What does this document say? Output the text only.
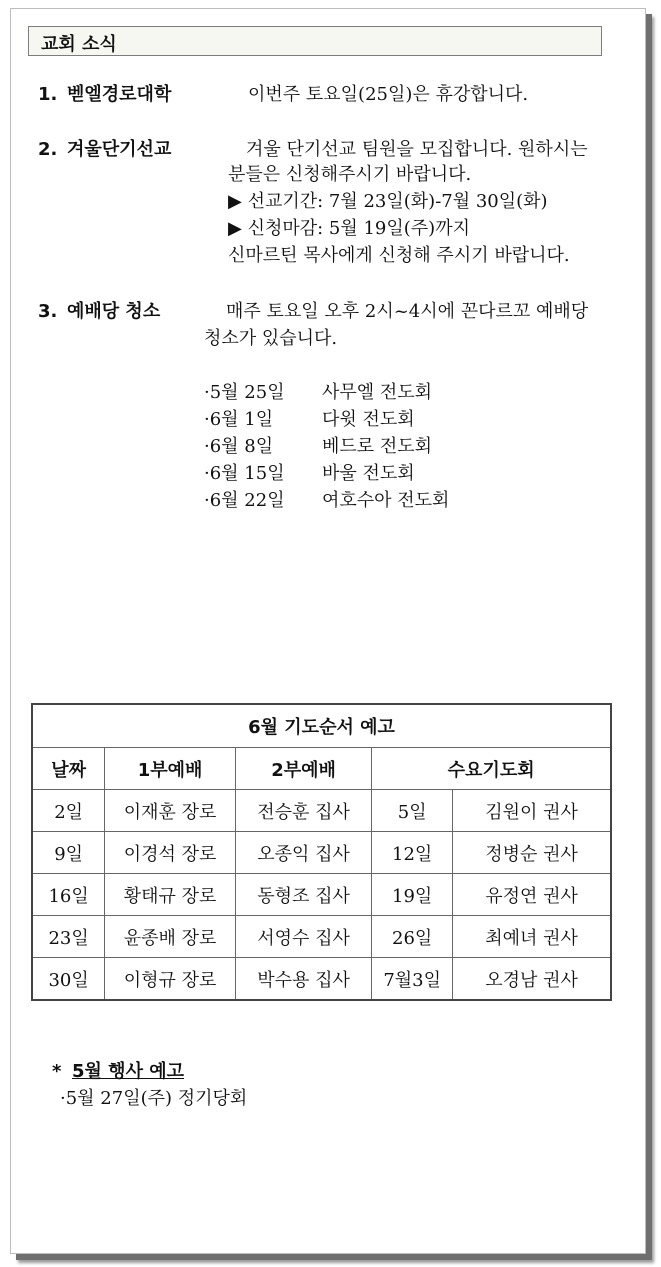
교회 소식
1. 벧엘경로대학	이번주 토요일(25일)은 휴강합니다.
2. 겨울단기선교	겨울 단기선교 팀원을 모집합니다. 원하시는
분들은 신청해주시기 바랍니다.
▶ 선교기간: 7월 23일(화)-7월 30일(화)
▶ 신청마감: 5월 19일(주)까지
신마르틴 목사에게 신청해 주시기 바랍니다.
3. 예배당 청소	매주 토요일 오후 2시~4시에 꼰다르꼬 예배당
청소가 있습니다.
·5월 25일 사무엘 전도회
·6월 1일	다윗 전도회
·6월 8일	베드로 전도회
·6월 15일 바울 전도회
·6월 22일 여호수아 전도회
6월 기도순서 예고				
날짜	1부예배	2부예배	수요기도회	
2일	이재훈 장로	전승훈 집사	5일	김원이 권사
9일	이경석 장로	오종익 집사	12일	정병순 권사
16일	황태규 장로	동형조 집사	19일	유정연 권사
23일	윤종배 장로	서영수 집사	26일	최예녀 권사
30일	이형규 장로	박수용 집사	7월3일	오경남 권사
* 5월 행사 예고
·5월 27일(주) 정기당회
